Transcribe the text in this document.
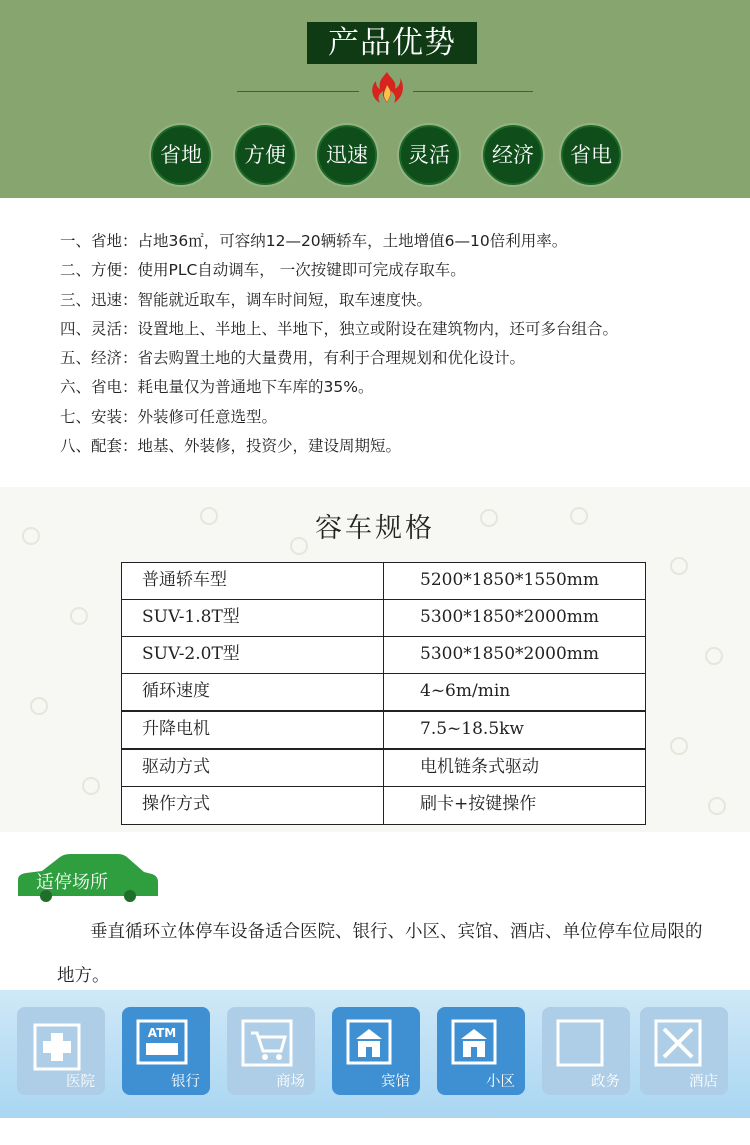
产品优势
省地	方便	迅速	灵活	经济	省电
一、省地：占地36㎡，可容纳12—20辆轿车，土地增值6—10倍利用率。
二、方便：使用PLC自动调车， 一次按键即可完成存取车。
三、迅速：智能就近取车，调车时间短，取车速度快。
四、灵活：设置地上、半地上、半地下，独立或附设在建筑物内，还可多台组合。
五、经济：省去购置土地的大量费用，有利于合理规划和优化设计。
六、省电：耗电量仅为普通地下车库的35%。
七、安装：外装修可任意选型。
八、配套：地基、外装修，投资少，建设周期短。
容车规格
普通轿车型	5200*1850*1550mm
SUV-1.8T型	5300*1850*2000mm
SUV-2.0T型	5300*1850*2000mm
循环速度	4~6m/min
升降电机	7.5~18.5kw
驱动方式	电机链条式驱动
操作方式	刷卡+按键操作
适停场所
垂直循环立体停车设备适合医院、银行、小区、宾馆、酒店、单位停车位局限的地方。
医院
ATM
银行	商场	宾馆	小区	政务	酒店
